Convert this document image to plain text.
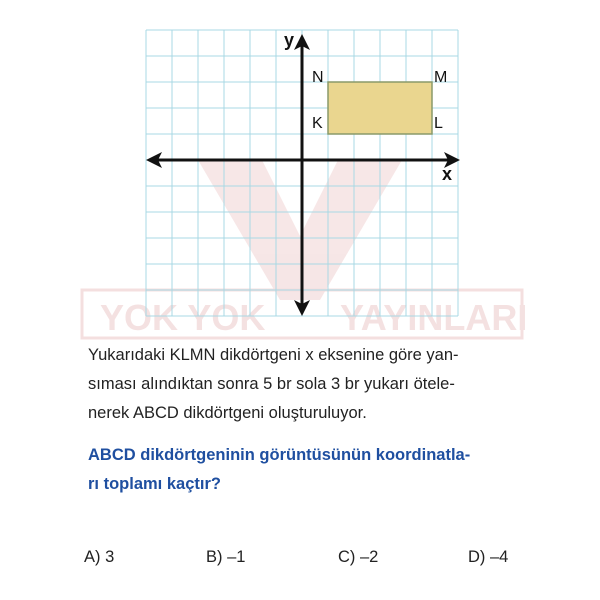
YOK YOK YAYINLARI
x
y
K	L
M
N
Yukarıdaki KLMN dikdörtgeni x eksenine göre yan-
sıması alındıktan sonra 5 br sola 3 br yukarı ötele-
nerek ABCD dikdörtgeni oluşturuluyor.
ABCD dikdörtgeninin görüntüsünün koordinatla-
rı toplamı kaçtır?
A) 3	B) –1	C) –2	D) –4
